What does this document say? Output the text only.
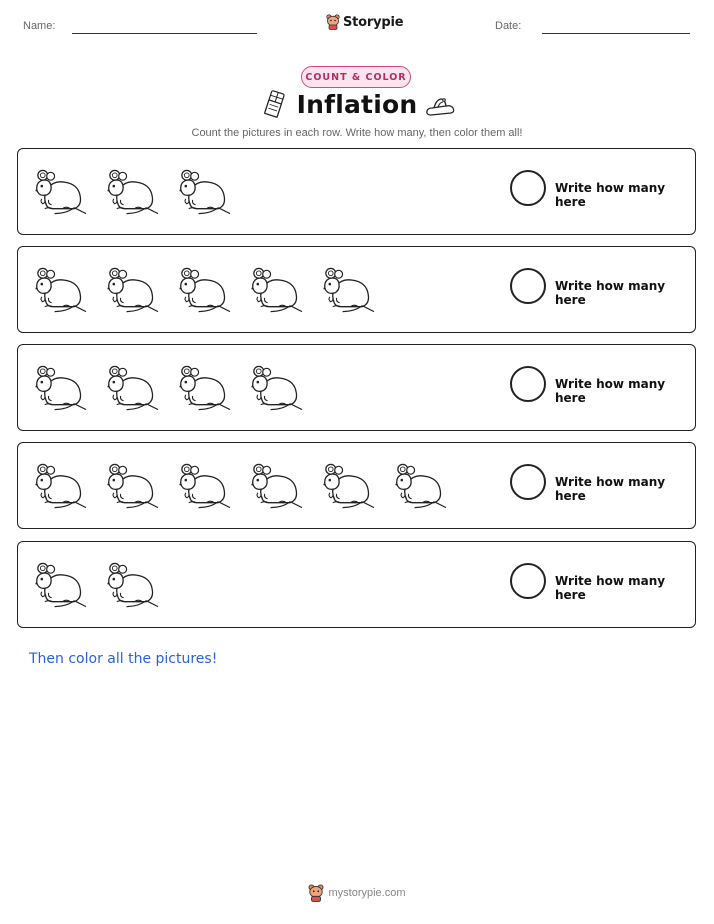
Name:	Storypie	Date:
COUNT & COLOR
Inflation
Count the pictures in each row. Write how many, then color them all!
Write how many here
Write how many here
Write how many here
Write how many here
Write how many here
Then color all the pictures!
mystorypie.com
